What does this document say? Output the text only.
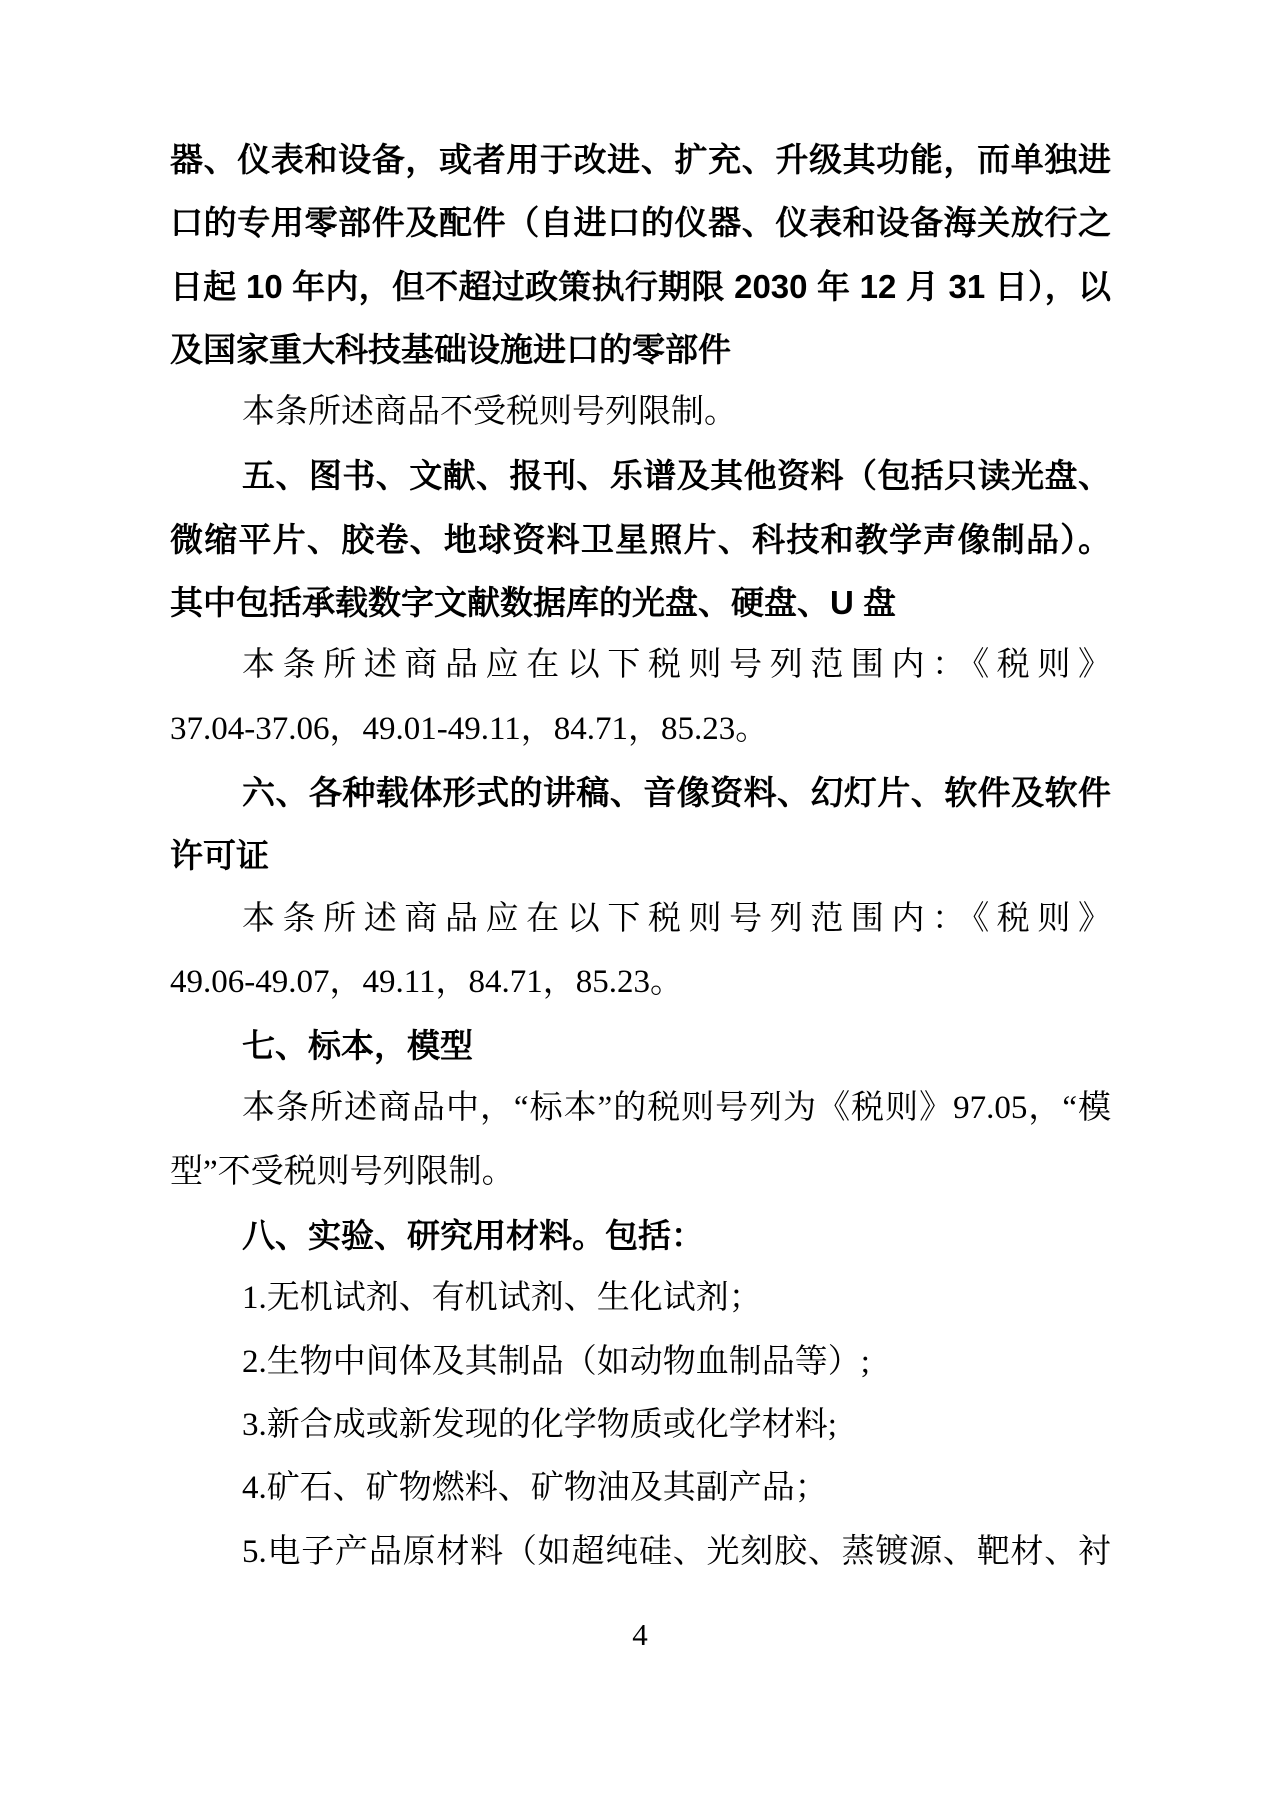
器、仪表和设备，或者用于改进、扩充、升级其功能，而单独进
口的专用零部件及配件（自进口的仪器、仪表和设备海关放行之
日起 10 年内，但不超过政策执行期限 2030 年 12 月 31 日），以
及国家重大科技基础设施进口的零部件
本条所述商品不受税则号列限制。
五、图书、文献、报刊、乐谱及其他资料（包括只读光盘、
微缩平片、胶卷、地球资料卫星照片、科技和教学声像制品）。
其中包括承载数字文献数据库的光盘、硬盘、U 盘
本条所述商品应在以下税则号列范围内：《税则》
37.04-37.06，49.01-49.11，84.71，85.23。
六、各种载体形式的讲稿、音像资料、幻灯片、软件及软件
许可证
本条所述商品应在以下税则号列范围内：《税则》
49.06-49.07，49.11，84.71，85.23。
七、标本，模型
本条所述商品中，“标本”的税则号列为《税则》97.05，“模
型”不受税则号列限制。
八、实验、研究用材料。包括：
1.无机试剂、有机试剂、生化试剂；
2.生物中间体及其制品（如动物血制品等）;
3.新合成或新发现的化学物质或化学材料;
4.矿石、矿物燃料、矿物油及其副产品；
5.电子产品原材料（如超纯硅、光刻胶、蒸镀源、靶材、衬
4
